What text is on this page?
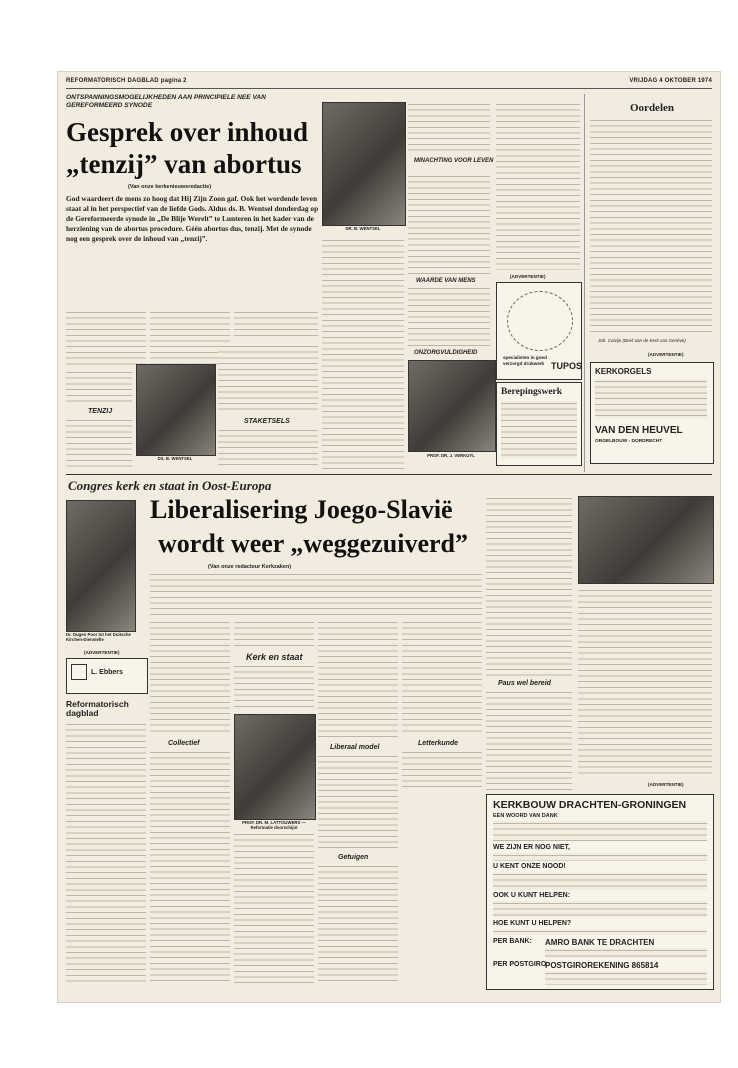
REFORMATORISCH DAGBLAD pagina 2	VRIJDAG 4 OKTOBER 1974
ONTSPANNINGSMOGELIJKHEDEN AAN PRINCIPIELE NEE VAN GEREFORMEERD SYNODE
Gesprek over inhoud
„tenzij” van abortus
(Van onze kerkenieuwsredactie)
God waardeert de mens zo hoog dat Hij Zijn Zoon gaf. Ook het wordende leven staat al in het perspectief van de liefde Gods. Aldus ds. B. Wentsel donderdag op de Gereformeerde synode in „De Blije Werelt” te Lunteren in het kader van de herziening van de abortus procedure. Géén abortus dus, tenzij. Met de synode nog een gesprek over de inhoud van „tenzij”.
DR. B. WENTSEL
DS. B. WENTSEL
TENZIJ
STAKETSELS
MINACHTING VOOR LEVEN
WAARDE VAN MENS
ONZORGVULDIGHEID
PROF. DR. J. VERKUYL
(ADVERTENTIE)
specialisten in goed verzorgd drukwerk TUPOS
Berepingswerk
Oordelen
Joh. Calvijn (Brief aan de Kerk van Genève)
(ADVERTENTIE)
KERKORGELS
VAN DEN HEUVEL
ORGELBOUW - DORDRECHT
Congres kerk en staat in Oost-Europa
Liberalisering Joego-Slavië
wordt weer „weggezuiverd”
Dr. Dugen Poor tot het Duitsche Kirchen-Dienstelle
(Van onze redacteur Kerkzaken)
Collectief
Kerk en staat
PROF. DR. M. LATTOUWERS — Reformatie doorschijnt
Liberaal model
Getuigen
Letterkunde
Paus wel bereid
(ADVERTENTIE)
(ADVERTENTIE)
L. Ebbers
Reformatorisch dagblad
KERKBOUW DRACHTEN-GRONINGEN
EEN WOORD VAN DANK
WE ZIJN ER NOG NIET,
U KENT ONZE NOOD!
OOK U KUNT HELPEN:
HOE KUNT U HELPEN?
PER BANK: AMRO BANK TE DRACHTEN
PER POSTGIRO:
POSTGIROREKENING 865814
